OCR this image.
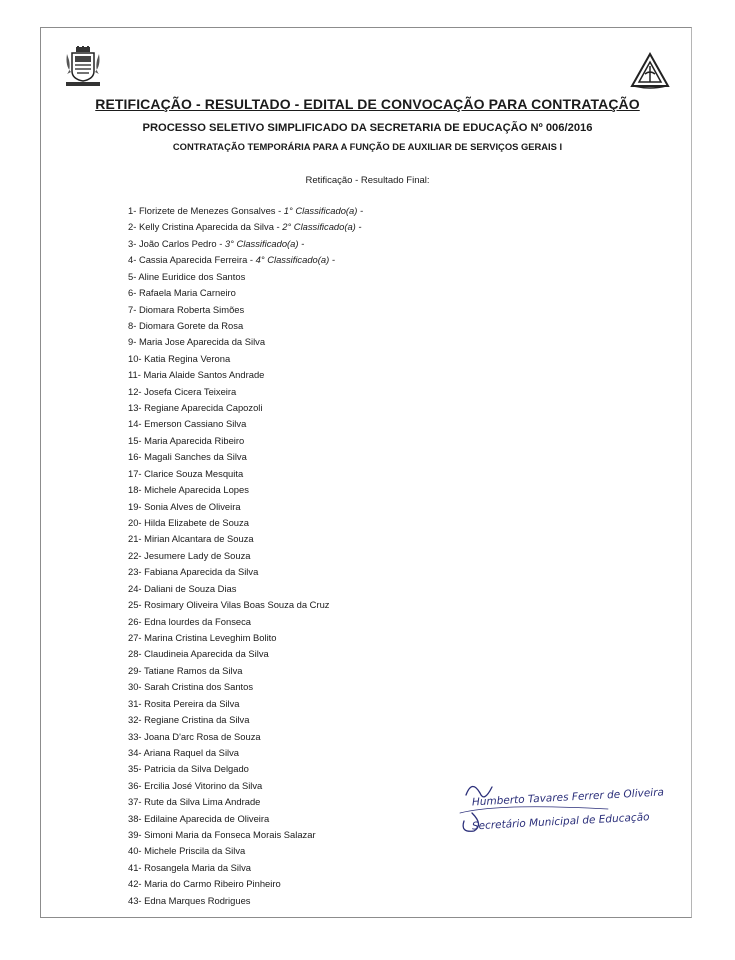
RETIFICAÇÃO - RESULTADO - EDITAL DE CONVOCAÇÃO PARA CONTRATAÇÃO
PROCESSO SELETIVO SIMPLIFICADO DA SECRETARIA DE EDUCAÇÃO Nº 006/2016
CONTRATAÇÃO TEMPORÁRIA PARA A FUNÇÃO DE AUXILIAR DE SERVIÇOS GERAIS I
Retificação - Resultado Final:
1- Florizete de Menezes Gonsalves - 1° Classificado(a) -
2- Kelly Cristina Aparecida da Silva - 2° Classificado(a) -
3- João Carlos Pedro - 3° Classificado(a) -
4- Cassia Aparecida Ferreira - 4° Classificado(a) -
5- Aline Euridice dos Santos
6- Rafaela Maria Carneiro
7- Diomara Roberta Simões
8- Diomara Gorete da Rosa
9- Maria Jose Aparecida da Silva
10- Katia Regina Verona
11- Maria Alaide Santos Andrade
12- Josefa Cicera Teixeira
13- Regiane Aparecida Capozoli
14- Emerson Cassiano Silva
15- Maria Aparecida Ribeiro
16- Magali Sanches da Silva
17- Clarice Souza Mesquita
18- Michele Aparecida Lopes
19- Sonia Alves de Oliveira
20- Hilda Elizabete de Souza
21- Mirian Alcantara de Souza
22- Jesumere Lady de Souza
23- Fabiana Aparecida da Silva
24- Daliani de Souza Dias
25- Rosimary Oliveira Vilas Boas Souza da Cruz
26- Edna lourdes da Fonseca
27- Marina Cristina Leveghim Bolito
28- Claudineia Aparecida da Silva
29- Tatiane Ramos da Silva
30- Sarah Cristina dos Santos
31- Rosita Pereira da Silva
32- Regiane Cristina da Silva
33- Joana D'arc Rosa de Souza
34- Ariana Raquel da Silva
35- Patricia da Silva Delgado
36- Ercilia José Vitorino da Silva
37- Rute da Silva Lima Andrade
38- Edilaine Aparecida de Oliveira
39- Simoni Maria da Fonseca Morais Salazar
40- Michele Priscila da Silva
41- Rosangela Maria da Silva
42- Maria do Carmo Ribeiro Pinheiro
43- Edna Marques Rodrigues
Humberto Tavares Ferrer de Oliveira
Secretário Municipal de Educação
